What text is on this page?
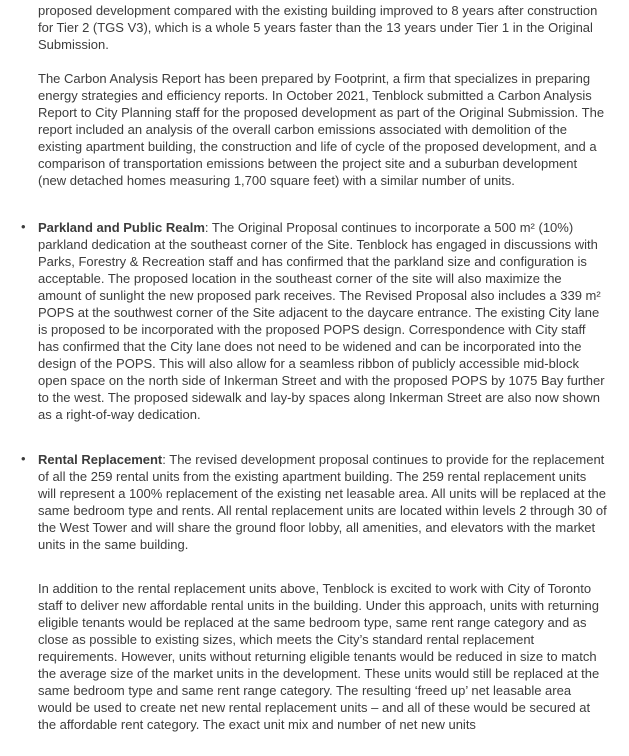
proposed development compared with the existing building improved to 8 years after construction for Tier 2 (TGS V3), which is a whole 5 years faster than the 13 years under Tier 1 in the Original Submission.

The Carbon Analysis Report has been prepared by Footprint, a firm that specializes in preparing energy strategies and efficiency reports. In October 2021, Tenblock submitted a Carbon Analysis Report to City Planning staff for the proposed development as part of the Original Submission. The report included an analysis of the overall carbon emissions associated with demolition of the existing apartment building, the construction and life of cycle of the proposed development, and a comparison of transportation emissions between the project site and a suburban development (new detached homes measuring 1,700 square feet) with a similar number of units.

• Parkland and Public Realm: The Original Proposal continues to incorporate a 500 m² (10%) parkland dedication at the southeast corner of the Site. Tenblock has engaged in discussions with Parks, Forestry & Recreation staff and has confirmed that the parkland size and configuration is acceptable. The proposed location in the southeast corner of the site will also maximize the amount of sunlight the new proposed park receives. The Revised Proposal also includes a 339 m² POPS at the southwest corner of the Site adjacent to the daycare entrance. The existing City lane is proposed to be incorporated with the proposed POPS design. Correspondence with City staff has confirmed that the City lane does not need to be widened and can be incorporated into the design of the POPS. This will also allow for a seamless ribbon of publicly accessible mid-block open space on the north side of Inkerman Street and with the proposed POPS by 1075 Bay further to the west. The proposed sidewalk and lay-by spaces along Inkerman Street are also now shown as a right-of-way dedication.

• Rental Replacement: The revised development proposal continues to provide for the replacement of all the 259 rental units from the existing apartment building. The 259 rental replacement units will represent a 100% replacement of the existing net leasable area. All units will be replaced at the same bedroom type and rents. All rental replacement units are located within levels 2 through 30 of the West Tower and will share the ground floor lobby, all amenities, and elevators with the market units in the same building.

In addition to the rental replacement units above, Tenblock is excited to work with City of Toronto staff to deliver new affordable rental units in the building. Under this approach, units with returning eligible tenants would be replaced at the same bedroom type, same rent range category and as close as possible to existing sizes, which meets the City’s standard rental replacement requirements. However, units without returning eligible tenants would be reduced in size to match the average size of the market units in the development. These units would still be replaced at the same bedroom type and same rent range category. The resulting ‘freed up’ net leasable area would be used to create net new rental replacement units – and all of these would be secured at the affordable rent category. The exact unit mix and number of net new units
